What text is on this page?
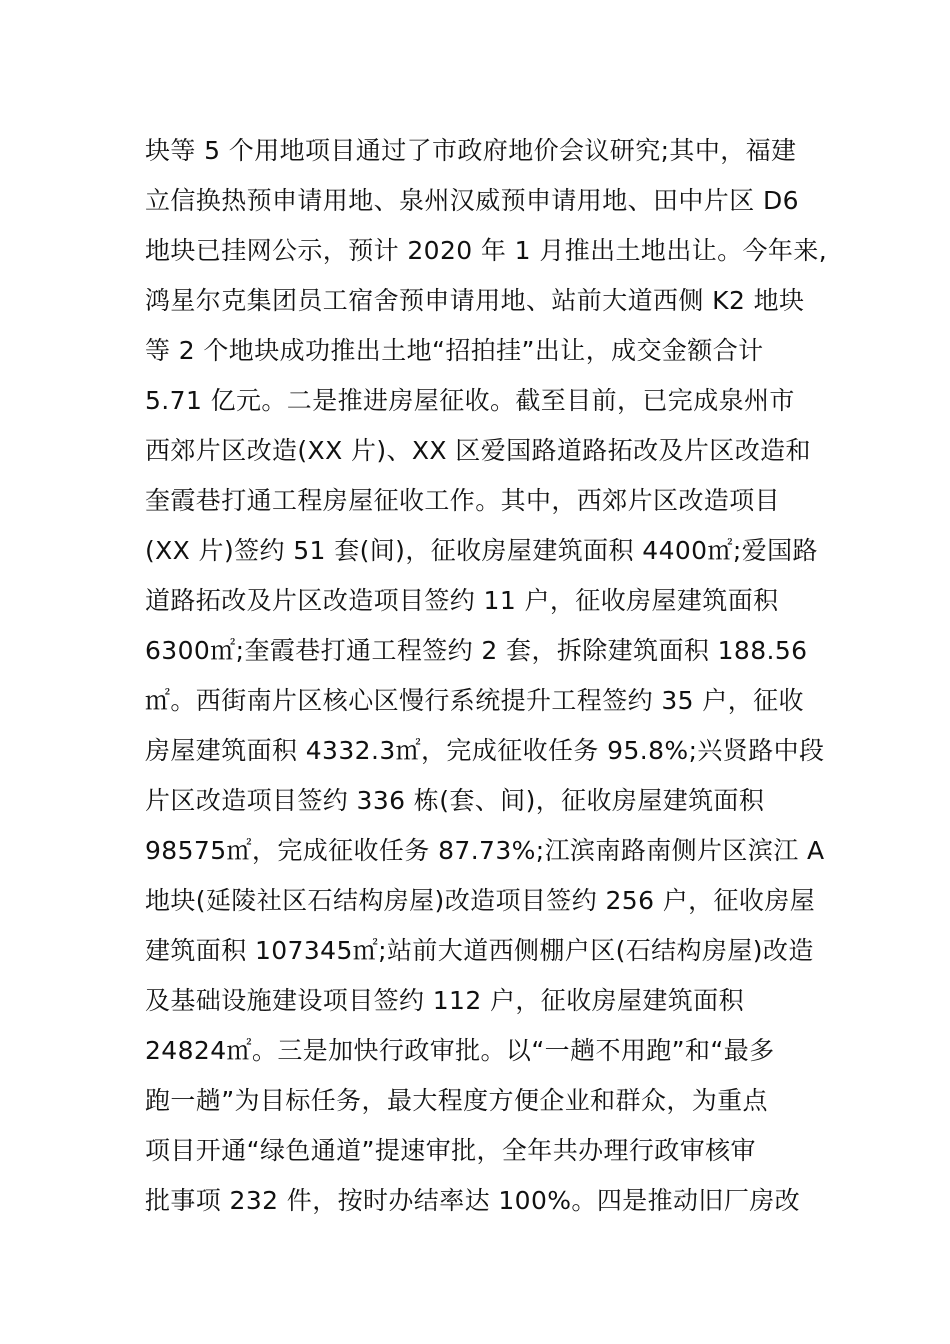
块等 5 个用地项目通过了市政府地价会议研究;其中，福建
立信换热预申请用地、泉州汉威预申请用地、田中片区 D6
地块已挂网公示，预计 2020 年 1 月推出土地出让。今年来,
鸿星尔克集团员工宿舍预申请用地、站前大道西侧 K2 地块
等 2 个地块成功推出土地“招拍挂”出让，成交金额合计
5.71 亿元。二是推进房屋征收。截至目前，已完成泉州市
西郊片区改造(XX 片)、XX 区爱国路道路拓改及片区改造和
奎霞巷打通工程房屋征收工作。其中，西郊片区改造项目
(XX 片)签约 51 套(间)，征收房屋建筑面积 4400㎡;爱国路
道路拓改及片区改造项目签约 11 户，征收房屋建筑面积
6300㎡;奎霞巷打通工程签约 2 套，拆除建筑面积 188.56
㎡。西街南片区核心区慢行系统提升工程签约 35 户，征收
房屋建筑面积 4332.3㎡，完成征收任务 95.8%;兴贤路中段
片区改造项目签约 336 栋(套、间)，征收房屋建筑面积
98575㎡，完成征收任务 87.73%;江滨南路南侧片区滨江 A
地块(延陵社区石结构房屋)改造项目签约 256 户，征收房屋
建筑面积 107345㎡;站前大道西侧棚户区(石结构房屋)改造
及基础设施建设项目签约 112 户，征收房屋建筑面积
24824㎡。三是加快行政审批。以“一趟不用跑”和“最多
跑一趟”为目标任务，最大程度方便企业和群众，为重点
项目开通“绿色通道”提速审批，全年共办理行政审核审
批事项 232 件，按时办结率达 100%。四是推动旧厂房改
